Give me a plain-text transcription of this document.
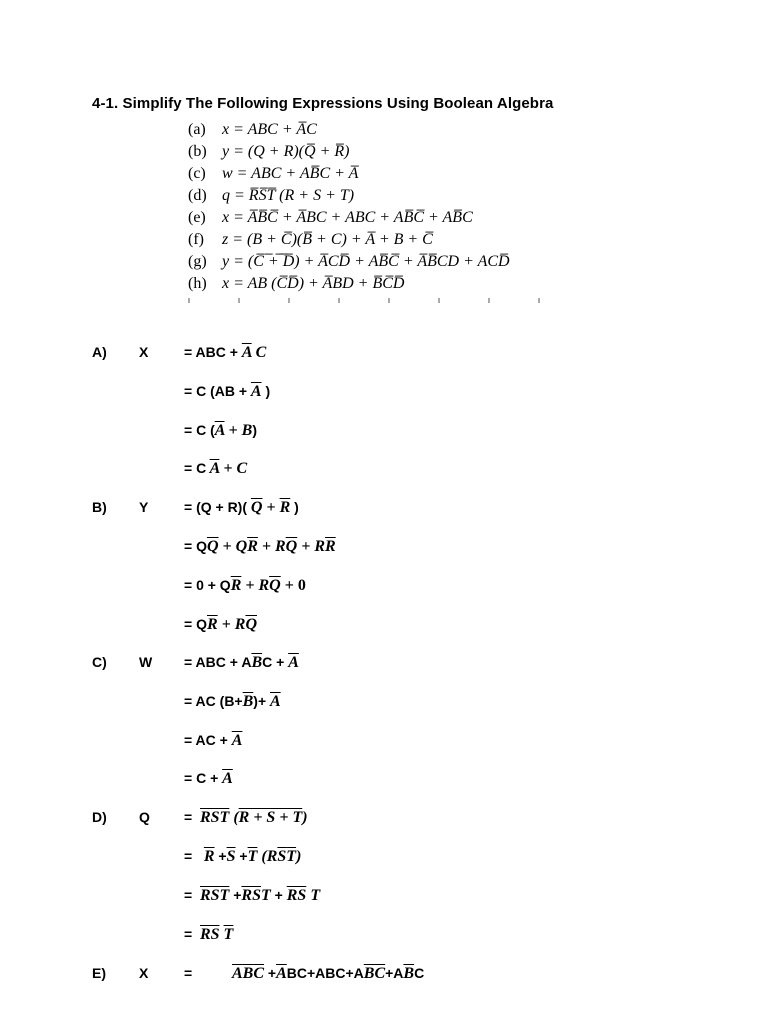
4-1. Simplify The Following Expressions Using Boolean Algebra
(a) x = ABC + A̅C
(b) y = (Q + R)(Q̅ + R̅)
(c) w = ABC + AB̅C + A̅
(d) q = R̅S̅T̅ (R + S + T)
(e) x = A̅B̅C̅ + A̅BC + ABC + AB̅C̅ + AB̅C
(f) z = (B + C̅)(B̅ + C) + A̅ + B + C̅
(g) y = (C̅ ̅+̅ ̅D̅) + A̅CD̅ + AB̅C̅ + A̅B̅CD + ACD̅
(h) x = AB (C̅D̅) + A̅BD + B̅C̅D̅
A) X	= ABC + $\overline{A}$ C
= C ($AB + \overline{A}$ )
= C $(\overline{A} + B)$
= C $\overline{A} + C$
B) Y	= (Q + R)( $\overline{Q} + \overline{R}$ )
= $Q\overline{Q} + Q\overline{R} + R\overline{Q} + R\overline{R}$
= $0 + Q\overline{R} + R\overline{Q} + 0$
= $Q\overline{R} + R\overline{Q}$
C) W = ABC + $A\overline{B}C + \overline{A}$
= AC $(B+\overline{B})+ \overline{A}$
= AC + $\overline{A}$
= $C + \overline{A}$
D) $Q = \overline{RST}$ (R + S + T)
= $\overline{R} +\overline{S} +\overline{T}$ $(R\overline{S}\overline{T})$
= $\overline{RS}\overline{T} +\overline{RS}T + \overline{RS}$ T
= $\overline{RS}$ $\overline{T}$
E) X	= $\overline{A}\overline{B}\overline{C} +\overline{A}BC+ABC+A\overline{B}\overline{C}+A\overline{B}C$
